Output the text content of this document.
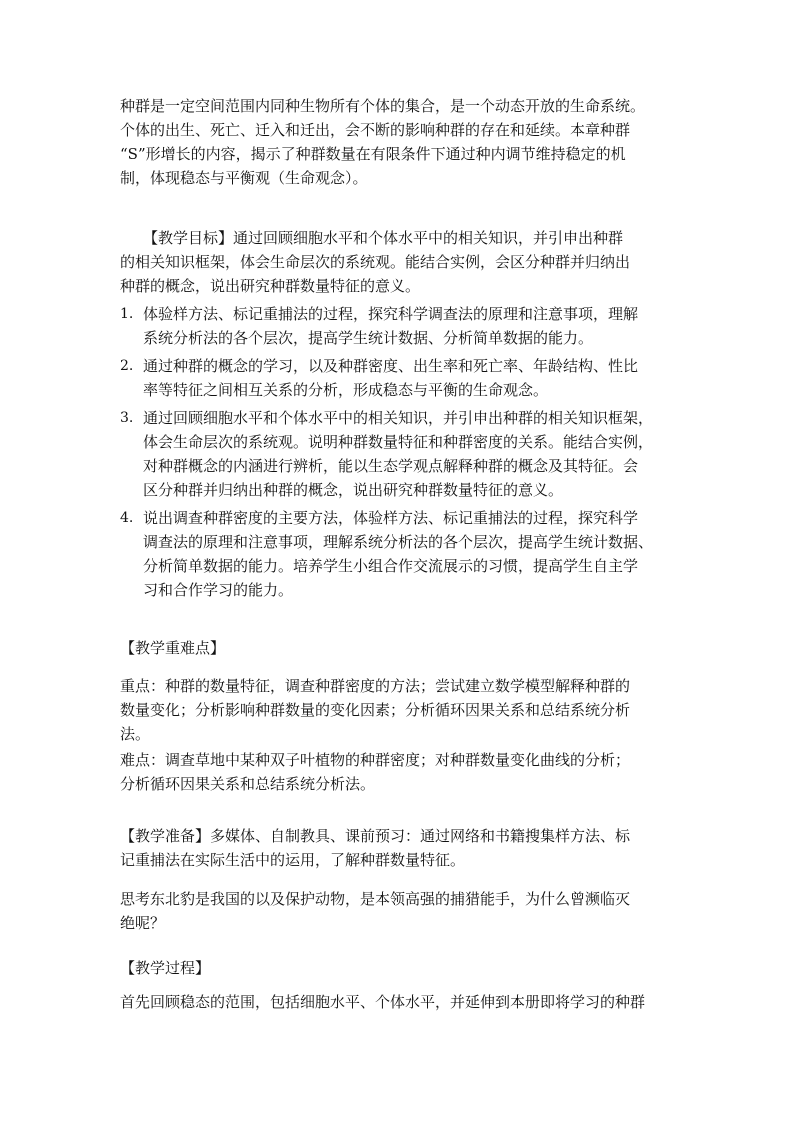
种群是一定空间范围内同种生物所有个体的集合，是一个动态开放的生命系统。
个体的出生、死亡、迁入和迁出，会不断的影响种群的存在和延续。本章种群
“S”形增长的内容，揭示了种群数量在有限条件下通过种内调节维持稳定的机
制，体现稳态与平衡观（生命观念）。
【教学目标】通过回顾细胞水平和个体水平中的相关知识，并引申出种群
的相关知识框架，体会生命层次的系统观。能结合实例，会区分种群并归纳出
种群的概念，说出研究种群数量特征的意义。
1. 体验样方法、标记重捕法的过程，探究科学调查法的原理和注意事项，理解
系统分析法的各个层次，提高学生统计数据、分析简单数据的能力。
2. 通过种群的概念的学习，以及种群密度、出生率和死亡率、年龄结构、性比
率等特征之间相互关系的分析，形成稳态与平衡的生命观念。
3. 通过回顾细胞水平和个体水平中的相关知识，并引申出种群的相关知识框架，
体会生命层次的系统观。说明种群数量特征和种群密度的关系。能结合实例，
对种群概念的内涵进行辨析，能以生态学观点解释种群的概念及其特征。会
区分种群并归纳出种群的概念，说出研究种群数量特征的意义。
4. 说出调查种群密度的主要方法，体验样方法、标记重捕法的过程，探究科学
调查法的原理和注意事项，理解系统分析法的各个层次，提高学生统计数据、
分析简单数据的能力。培养学生小组合作交流展示的习惯，提高学生自主学
习和合作学习的能力。
【教学重难点】
重点：种群的数量特征，调查种群密度的方法；尝试建立数学模型解释种群的
数量变化；分析影响种群数量的变化因素；分析循环因果关系和总结系统分析
法。
难点：调查草地中某种双子叶植物的种群密度；对种群数量变化曲线的分析；
分析循环因果关系和总结系统分析法。
【教学准备】多媒体、自制教具、课前预习：通过网络和书籍搜集样方法、标
记重捕法在实际生活中的运用，了解种群数量特征。
思考东北豹是我国的以及保护动物，是本领高强的捕猎能手，为什么曾濒临灭
绝呢？
【教学过程】
首先回顾稳态的范围，包括细胞水平、个体水平，并延伸到本册即将学习的种群
